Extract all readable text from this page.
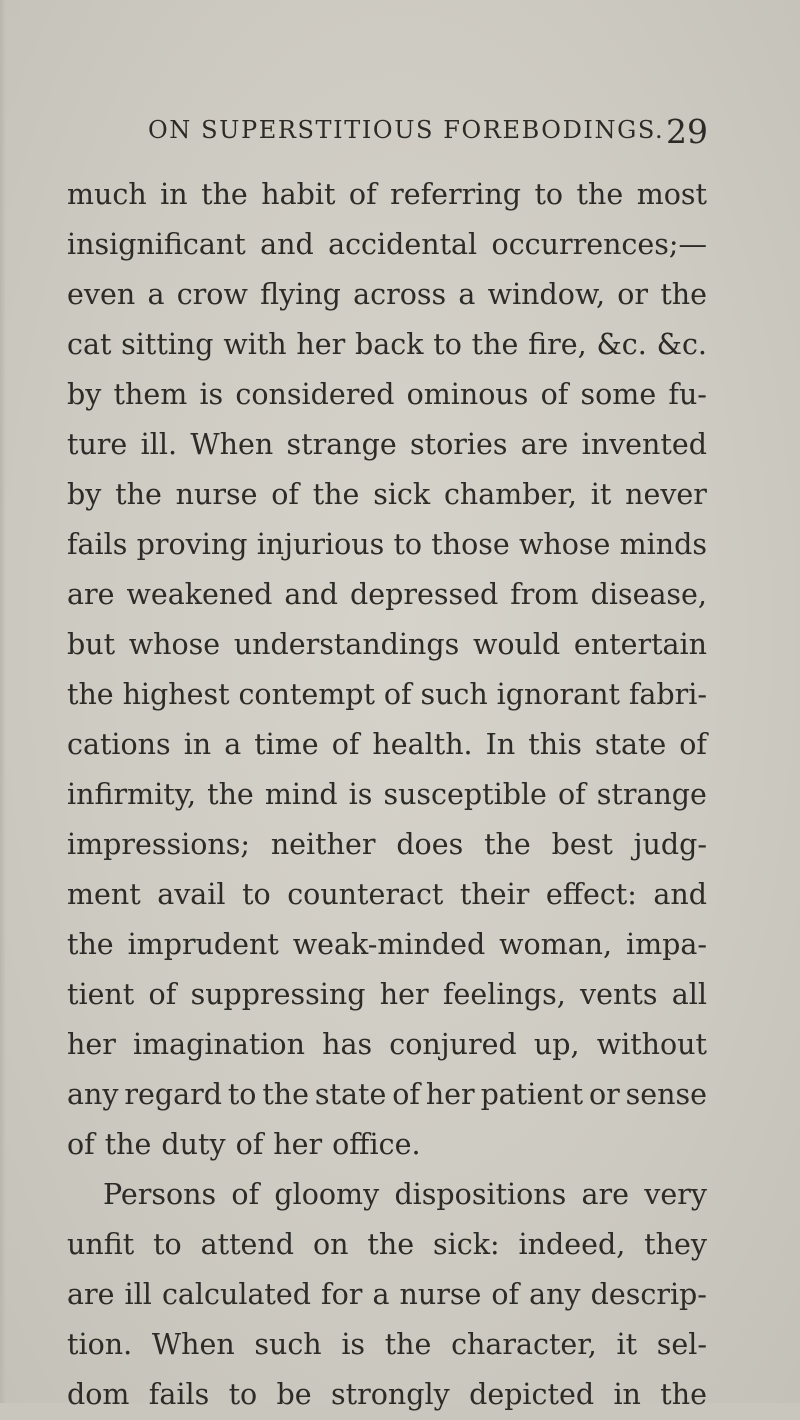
ON SUPERSTITIOUS FOREBODINGS. 29
much in the habit of referring to the most
insignificant and accidental occurrences;—
even a crow flying across a window, or the
cat sitting with her back to the fire, &c. &c.
by them is considered ominous of some fu-
ture ill. When strange stories are invented
by the nurse of the sick chamber, it never
fails proving injurious to those whose minds
are weakened and depressed from disease,
but whose understandings would entertain
the highest contempt of such ignorant fabri-
cations in a time of health. In this state of
infirmity, the mind is susceptible of strange
impressions; neither does the best judg-
ment avail to counteract their effect: and
the imprudent weak-minded woman, impa-
tient of suppressing her feelings, vents all
her imagination has conjured up, without
any regard to the state of her patient or sense
of the duty of her office.
Persons of gloomy dispositions are very
unfit to attend on the sick: indeed, they
are ill calculated for a nurse of any descrip-
tion. When such is the character, it sel-
dom fails to be strongly depicted in the
